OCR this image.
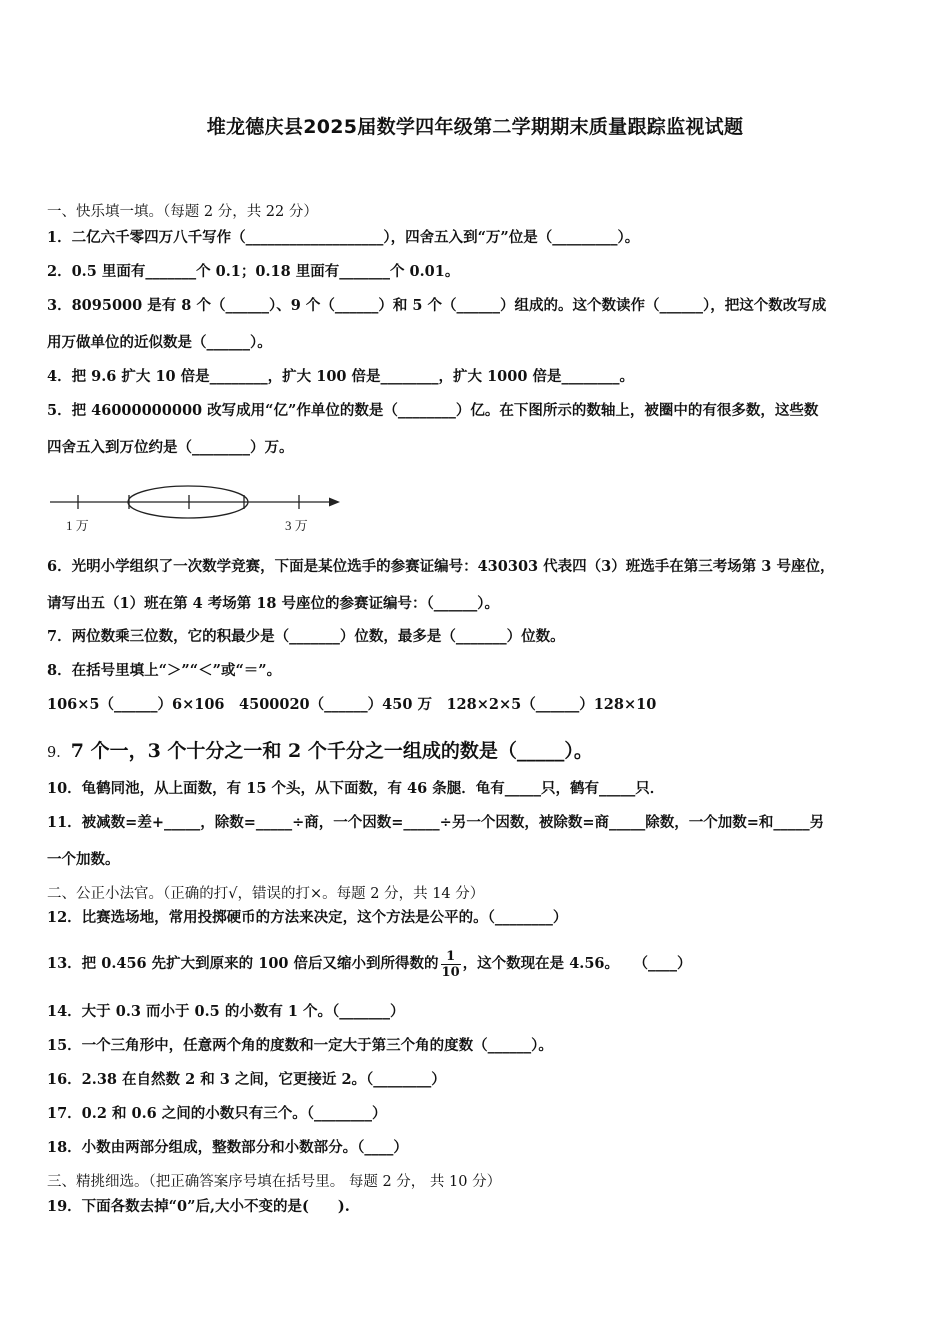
堆龙德庆县2025届数学四年级第二学期期末质量跟踪监视试题
一、快乐填一填。（每题 2 分，共 22 分）
1．二亿六千零四万八千写作（___________________），四舍五入到“万”位是（_________）。
2．0.5 里面有_______个 0.1；0.18 里面有_______个 0.01。
3．8095000 是有 8 个（______）、9 个（______）和 5 个（______）组成的。这个数读作（______），把这个数改写成
用万做单位的近似数是（______）。
4．把 9.6 扩大 10 倍是________，扩大 100 倍是________，扩大 1000 倍是________。
5．把 46000000000 改写成用“亿”作单位的数是（________）亿。在下图所示的数轴上，被圈中的有很多数，这些数
四舍五入到万位约是（________）万。
1 万	3 万
6．光明小学组织了一次数学竞赛，下面是某位选手的参赛证编号：430303 代表四（3）班选手在第三考场第 3 号座位，
请写出五（1）班在第 4 考场第 18 号座位的参赛证编号：（______）。
7．两位数乘三位数，它的积最少是（_______）位数，最多是（_______）位数。
8．在括号里填上“＞”“＜”或“＝”。
106×5（______）6×106　4500020（______）450 万　128×2×5（______）128×10
9．7 个一，3 个十分之一和 2 个千分之一组成的数是（_____）。
10．龟鹤同池，从上面数，有 15 个头，从下面数，有 46 条腿．龟有_____只，鹤有_____只．
11．被减数=差+_____，除数=_____÷商，一个因数=_____÷另一个因数，被除数=商_____除数，一个加数=和_____另
一个加数。
二、公正小法官。（正确的打√，错误的打×。每题 2 分，共 14 分）
12．比赛选场地，常用投掷硬币的方法来决定，这个方法是公平的。（________）
13．把 0.456 先扩大到原来的 100 倍后又缩小到所得数的 $\frac{1}{10}$ ，这个数现在是 4.56。　　（____）
14．大于 0.3 而小于 0.5 的小数有 1 个。（_______）
15．一个三角形中，任意两个角的度数和一定大于第三个角的度数（______）。
16．2.38 在自然数 2 和 3 之间，它更接近 2。（________）
17．0.2 和 0.6 之间的小数只有三个。（________）
18．小数由两部分组成，整数部分和小数部分。（____）
三、精挑细选。（把正确答案序号填在括号里。 每题 2 分， 共 10 分）
19．下面各数去掉“0”后,大小不变的是(　　).
